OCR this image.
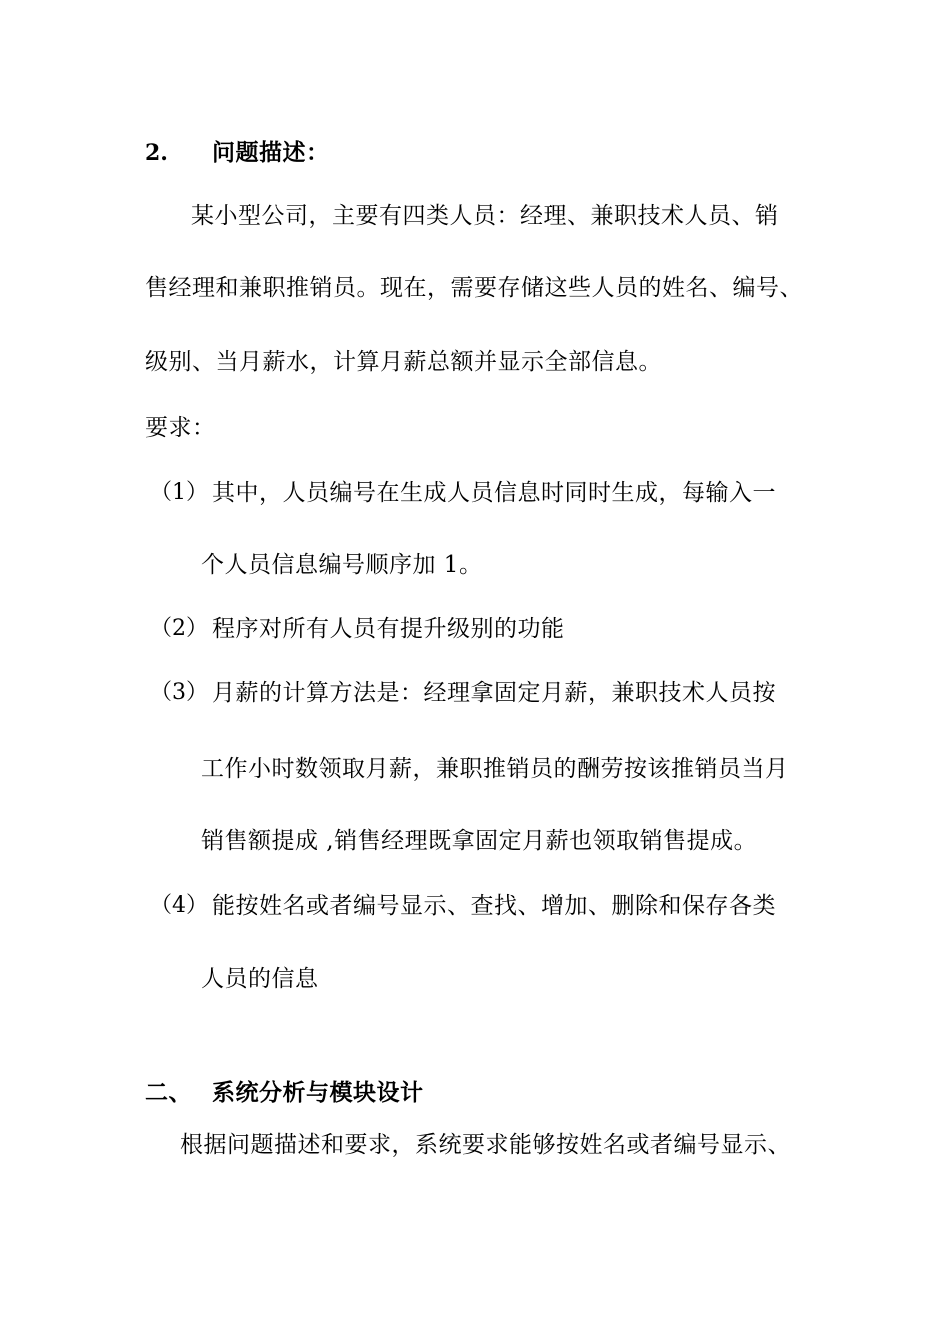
2. 问题描述：
某小型公司，主要有四类人员：经理、兼职技术人员、销
售经理和兼职推销员。现在，需要存储这些人员的姓名、编号、
级别、当月薪水，计算月薪总额并显示全部信息。
要求：
（1） 其中，人员编号在生成人员信息时同时生成，每输入一
个人员信息编号顺序加 1。
（2） 程序对所有人员有提升级别的功能
（3） 月薪的计算方法是：经理拿固定月薪，兼职技术人员按
工作小时数领取月薪，兼职推销员的酬劳按该推销员当月
销售额提成 ,销售经理既拿固定月薪也领取销售提成。
（4） 能按姓名或者编号显示、查找、增加、删除和保存各类
人员的信息
二、 系统分析与模块设计
根据问题描述和要求，系统要求能够按姓名或者编号显示、
